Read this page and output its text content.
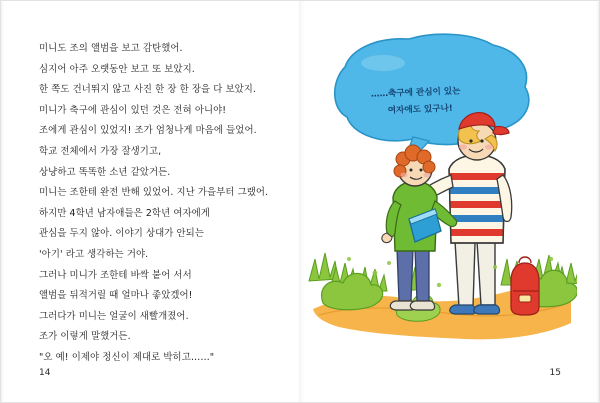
미니도 조의 앨범을 보고 감탄했어.
심지어 아주 오랫동안 보고 또 보았지.
한 쪽도 건너뛰지 않고 사진 한 장 한 장을 다 보았지.
미니가 축구에 관심이 있던 것은 전혀 아니야!
조에게 관심이 있었지! 조가 엄청나게 마음에 들었어.
학교 전체에서 가장 잘생기고,
상냥하고 똑똑한 소년 같았거든.
미니는 조한테 완전 반해 있었어. 지난 가을부터 그랬어.
하지만 4학년 남자애들은 2학년 여자에게
관심을 두지 않아. 이야기 상대가 안되는
'아기' 라고 생각하는 거야.
그러나 미니가 조한테 바싹 붙어 서서
앨범을 뒤적거릴 때 얼마나 좋았겠어!
그러다가 미니는 얼굴이 새빨개졌어.
조가 이렇게 말했거든.
"오 예! 이제야 정신이 제대로 박히고……"
14
……축구에 관심이 있는
여자애도 있구나!
15
